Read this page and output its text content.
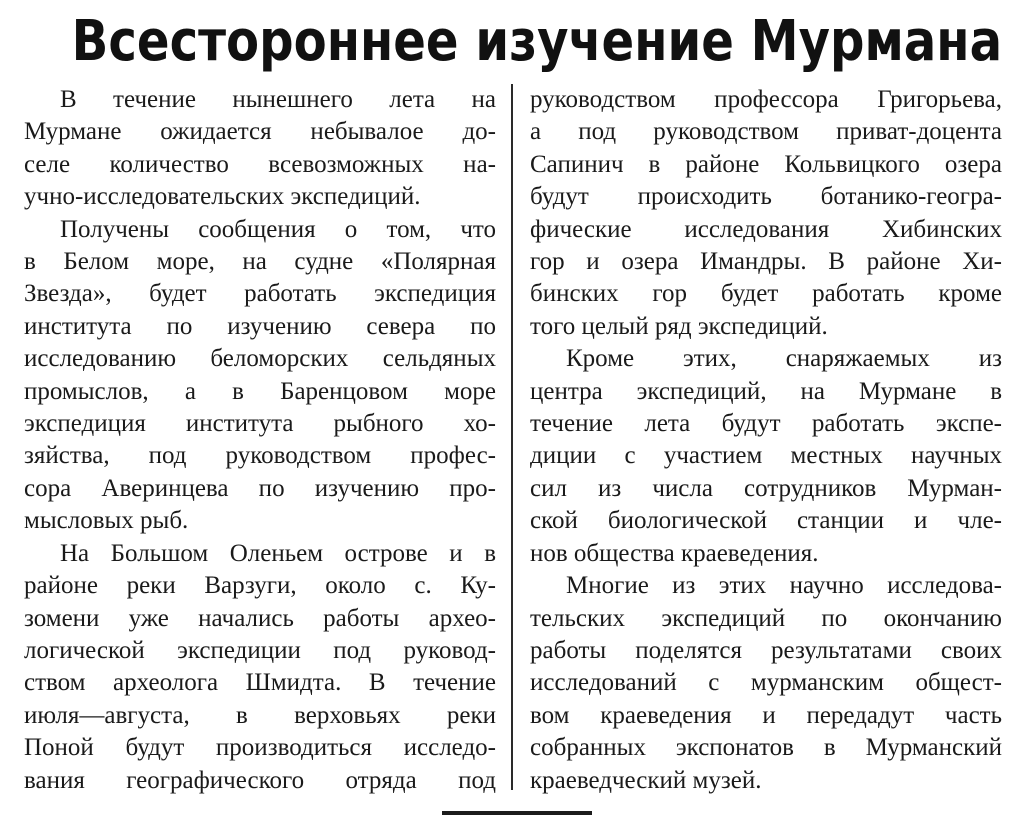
Всестороннее изучение Мурмана

В течение нынешнего лета на
Мурмане ожидается небывалое до-
селе количество всевозможных на-
учно-исследовательских экспедиций.

Получены сообщения о том, что
в Белом море, на судне «Полярная
Звезда», будет работать экспедиция
института по изучению севера по
исследованию беломорских сельдяных
промыслов, а в Баренцовом море
экспедиция института рыбного хо-
зяйства, под руководством профес-
сора Аверинцева по изучению про-
мысловых рыб.

На Большом Оленьем острове и в
районе реки Варзуги, около с. Ку-
зомени уже начались работы архео-
логической экспедиции под руковод-
ством археолога Шмидта. В течение
июля—августа, в верховьях реки
Поной будут производиться исследо-
вания географического отряда под

руководством профессора Григорьева,
а под руководством приват-доцента
Сапинич в районе Кольвицкого озера
будут происходить ботанико-геогра-
фические исследования Хибинских
гор и озера Имандры. В районе Хи-
бинских гор будет работать кроме
того целый ряд экспедиций.

Кроме этих, снаряжаемых из
центра экспедиций, на Мурмане в
течение лета будут работать экспе-
диции с участием местных научных
сил из числа сотрудников Мурман-
ской биологической станции и чле-
нов общества краеведения.

Многие из этих научно исследова-
тельских экспедиций по окончанию
работы поделятся результатами своих
исследований с мурманским общест-
вом краеведения и передадут часть
собранных экспонатов в Мурманский
краеведческий музей.
